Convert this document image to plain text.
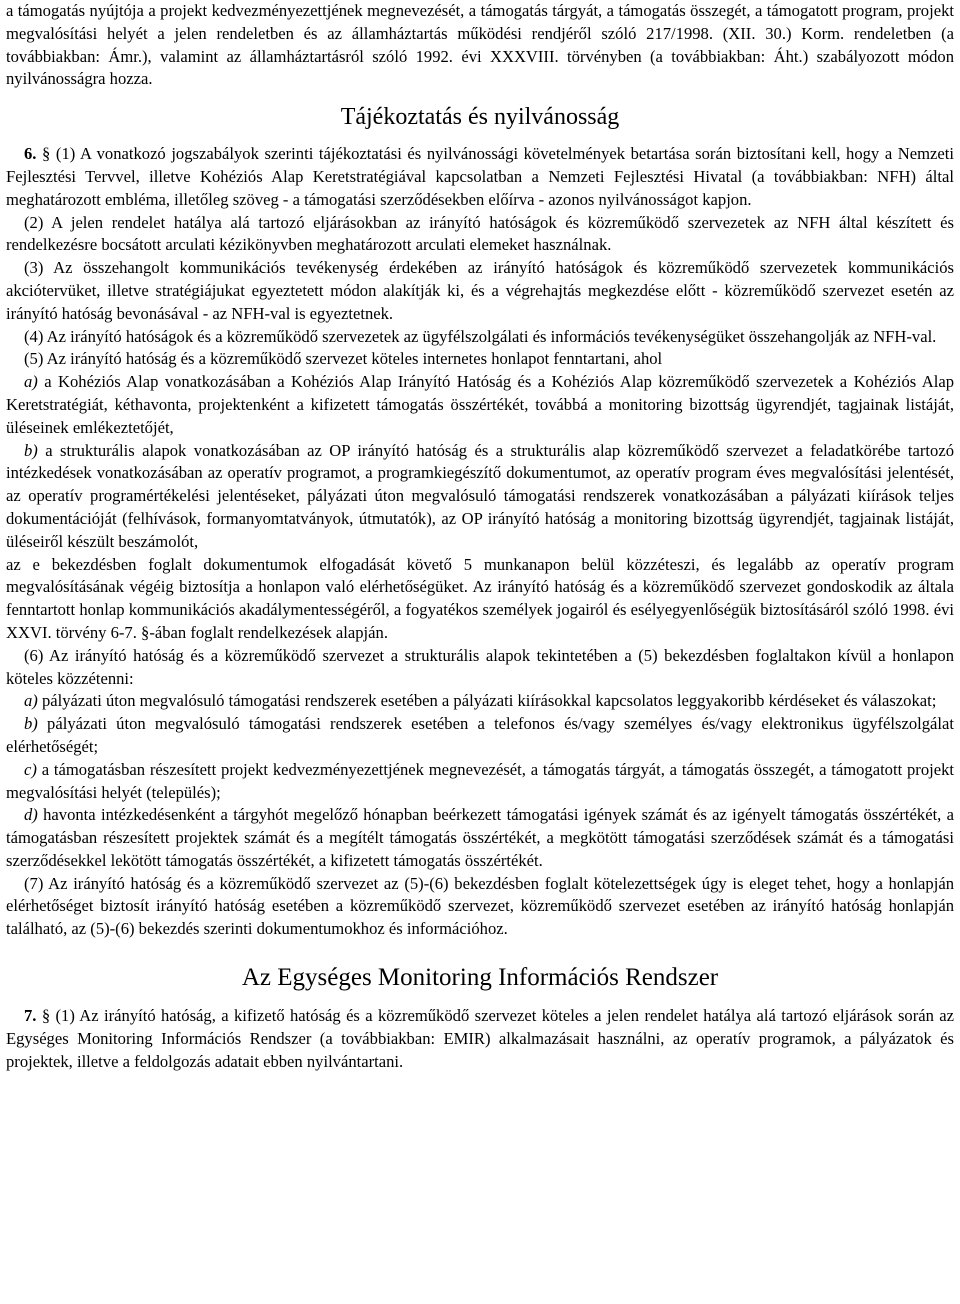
a támogatás nyújtója a projekt kedvezményezettjének megnevezését, a támogatás tárgyát, a támogatás összegét, a támogatott program, projekt megvalósítási helyét a jelen rendeletben és az államháztartás működési rendjéről szóló 217/1998. (XII. 30.) Korm. rendeletben (a továbbiakban: Ámr.), valamint az államháztartásról szóló 1992. évi XXXVIII. törvényben (a továbbiakban: Áht.) szabályozott módon nyilvánosságra hozza.

Tájékoztatás és nyilvánosság

6. § (1) A vonatkozó jogszabályok szerinti tájékoztatási és nyilvánossági követelmények betartása során biztosítani kell, hogy a Nemzeti Fejlesztési Tervvel, illetve Kohéziós Alap Keretstratégiával kapcsolatban a Nemzeti Fejlesztési Hivatal (a továbbiakban: NFH) által meghatározott embléma, illetőleg szöveg - a támogatási szerződésekben előírva - azonos nyilvánosságot kapjon.

(2) A jelen rendelet hatálya alá tartozó eljárásokban az irányító hatóságok és közreműködő szervezetek az NFH által készített és rendelkezésre bocsátott arculati kézikönyvben meghatározott arculati elemeket használnak.

(3) Az összehangolt kommunikációs tevékenység érdekében az irányító hatóságok és közreműködő szervezetek kommunikációs akciótervüket, illetve stratégiájukat egyeztetett módon alakítják ki, és a végrehajtás megkezdése előtt - közreműködő szervezet esetén az irányító hatóság bevonásával - az NFH-val is egyeztetnek.

(4) Az irányító hatóságok és a közreműködő szervezetek az ügyfélszolgálati és információs tevékenységüket összehangolják az NFH-val.

(5) Az irányító hatóság és a közreműködő szervezet köteles internetes honlapot fenntartani, ahol

a) a Kohéziós Alap vonatkozásában a Kohéziós Alap Irányító Hatóság és a Kohéziós Alap közreműködő szervezetek a Kohéziós Alap Keretstratégiát, kéthavonta, projektenként a kifizetett támogatás összértékét, továbbá a monitoring bizottság ügyrendjét, tagjainak listáját, üléseinek emlékeztetőjét,

b) a strukturális alapok vonatkozásában az OP irányító hatóság és a strukturális alap közreműködő szervezet a feladatkörébe tartozó intézkedések vonatkozásában az operatív programot, a programkiegészítő dokumentumot, az operatív program éves megvalósítási jelentését, az operatív programértékelési jelentéseket, pályázati úton megvalósuló támogatási rendszerek vonatkozásában a pályázati kiírások teljes dokumentációját (felhívások, formanyomtatványok, útmutatók), az OP irányító hatóság a monitoring bizottság ügyrendjét, tagjainak listáját, üléseiről készült beszámolót,

az e bekezdésben foglalt dokumentumok elfogadását követő 5 munkanapon belül közzéteszi, és legalább az operatív program megvalósításának végéig biztosítja a honlapon való elérhetőségüket. Az irányító hatóság és a közreműködő szervezet gondoskodik az általa fenntartott honlap kommunikációs akadálymentességéről, a fogyatékos személyek jogairól és esélyegyenlőségük biztosításáról szóló 1998. évi XXVI. törvény 6-7. §-ában foglalt rendelkezések alapján.

(6) Az irányító hatóság és a közreműködő szervezet a strukturális alapok tekintetében a (5) bekezdésben foglaltakon kívül a honlapon köteles közzétenni:

a) pályázati úton megvalósuló támogatási rendszerek esetében a pályázati kiírásokkal kapcsolatos leggyakoribb kérdéseket és válaszokat;

b) pályázati úton megvalósuló támogatási rendszerek esetében a telefonos és/vagy személyes és/vagy elektronikus ügyfélszolgálat elérhetőségét;

c) a támogatásban részesített projekt kedvezményezettjének megnevezését, a támogatás tárgyát, a támogatás összegét, a támogatott projekt megvalósítási helyét (település);

d) havonta intézkedésenként a tárgyhót megelőző hónapban beérkezett támogatási igények számát és az igényelt támogatás összértékét, a támogatásban részesített projektek számát és a megítélt támogatás összértékét, a megkötött támogatási szerződések számát és a támogatási szerződésekkel lekötött támogatás összértékét, a kifizetett támogatás összértékét.

(7) Az irányító hatóság és a közreműködő szervezet az (5)-(6) bekezdésben foglalt kötelezettségek úgy is eleget tehet, hogy a honlapján elérhetőséget biztosít irányító hatóság esetében a közreműködő szervezet, közreműködő szervezet esetében az irányító hatóság honlapján található, az (5)-(6) bekezdés szerinti dokumentumokhoz és információhoz.

Az Egységes Monitoring Információs Rendszer

7. § (1) Az irányító hatóság, a kifizető hatóság és a közreműködő szervezet köteles a jelen rendelet hatálya alá tartozó eljárások során az Egységes Monitoring Információs Rendszer (a továbbiakban: EMIR) alkalmazásait használni, az operatív programok, a pályázatok és projektek, illetve a feldolgozás adatait ebben nyilvántartani.
